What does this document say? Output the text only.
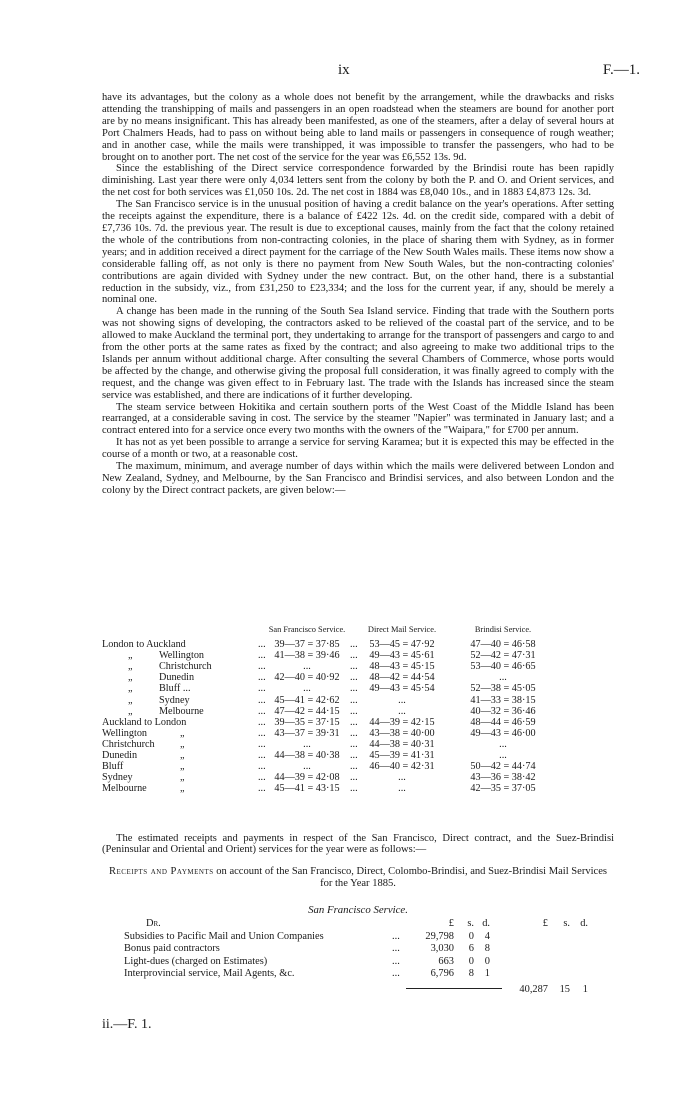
ix	F.—1.

have its advantages, but the colony as a whole does not benefit by the arrangement, while the drawbacks and risks attending the transhipping of mails and passengers in an open roadstead when the steamers are bound for another port are by no means insignificant. This has already been manifested, as one of the steamers, after a delay of several hours at Port Chalmers Heads, had to pass on without being able to land mails or passengers in consequence of rough weather; and in another case, while the mails were transhipped, it was impossible to transfer the passengers, who had to be brought on to another port. The net cost of the service for the year was £6,552 13s. 9d.

Since the establishing of the Direct service correspondence forwarded by the Brindisi route has been rapidly diminishing. Last year there were only 4,034 letters sent from the colony by both the P. and O. and Orient services, and the net cost for both services was £1,050 10s. 2d. The net cost in 1884 was £8,040 10s., and in 1883 £4,873 12s. 3d.

The San Francisco service is in the unusual position of having a credit balance on the year's operations. After setting the receipts against the expenditure, there is a balance of £422 12s. 4d. on the credit side, compared with a debit of £7,736 10s. 7d. the previous year. The result is due to exceptional causes, mainly from the fact that the colony retained the whole of the contributions from non-contracting colonies, in the place of sharing them with Sydney, as in former years; and in addition received a direct payment for the carriage of the New South Wales mails. These items now show a considerable falling off, as not only is there no payment from New South Wales, but the non-contracting colonies' contributions are again divided with Sydney under the new contract. But, on the other hand, there is a substantial reduction in the subsidy, viz., from £31,250 to £23,334; and the loss for the current year, if any, should be merely a nominal one.

A change has been made in the running of the South Sea Island service. Finding that trade with the Southern ports was not showing signs of developing, the contractors asked to be relieved of the coastal part of the service, and to be allowed to make Auckland the terminal port, they undertaking to arrange for the transport of passengers and cargo to and from the other ports at the same rates as fixed by the contract; and also agreeing to make two additional trips to the Islands per annum without additional charge. After consulting the several Chambers of Commerce, whose ports would be affected by the change, and otherwise giving the proposal full consideration, it was finally agreed to comply with the request, and the change was given effect to in February last. The trade with the Islands has increased since the steam service was established, and there are indications of it further developing.

The steam service between Hokitika and certain southern ports of the West Coast of the Middle Island has been rearranged, at a considerable saving in cost. The service by the steamer "Napier" was terminated in January last; and a contract entered into for a service once every two months with the owners of the "Waipara," for £700 per annum.

It has not as yet been possible to arrange a service for serving Karamea; but it is expected this may be effected in the course of a month or two, at a reasonable cost.

The maximum, minimum, and average number of days within which the mails were delivered between London and New Zealand, Sydney, and Melbourne, by the San Francisco and Brindisi services, and also between London and the colony by the Direct contract packets, are given below:—

San Francisco Service.	Direct Mail Service.	Brindisi Service.
London to Auckland	... 39—37 = 37·85	...	53—45 = 47·92	47—40 = 46·58
„	Wellington	... 41—38 = 39·46	...	49—43 = 45·61	52—42 = 47·31
„	Christchurch	...	...	...	48—43 = 45·15	53—40 = 46·65
„	Dunedin	... 42—40 = 40·92	...	48—42 = 44·54	...
„	Bluff ...	...	...	...	49—43 = 45·54	52—38 = 45·05
„	Sydney	... 45—41 = 42·62	...	...	41—33 = 38·15
„	Melbourne	... 47—42 = 44·15	...	...	40—32 = 36·46
Auckland to London	... 39—35 = 37·15	...	44—39 = 42·15	48—44 = 46·59
Wellington	„	... 43—37 = 39·31	...	43—38 = 40·00	49—43 = 46·00
Christchurch „	...	...	...	44—38 = 40·31	...
Dunedin	„	... 44—38 = 40·38	...	45—39 = 41·31	...
Bluff	„	...	...	...	46—40 = 42·31	50—42 = 44·74
Sydney	„	... 44—39 = 42·08	...	...	43—36 = 38·42
Melbourne	„	... 45—41 = 43·15	...	...	42—35 = 37·05

The estimated receipts and payments in respect of the San Francisco, Direct contract, and the Suez-Brindisi (Peninsular and Oriental and Orient) services for the year were as follows:—

Receipts and Payments on account of the San Francisco, Direct, Colombo-Brindisi, and Suez-Brindisi Mail Services for the Year 1885.
San Francisco Service.
Dr.	£	s. d.	£	s. d.
Subsidies to Pacific Mail and Union Companies	29,798	0	4
...
Bonus paid contractors	3,030	6	8
...
Light-dues (charged on Estimates)	663	0	0
...
Interprovincial service, Mail Agents, &c.	6,796	8	1
...
40,287	15	1
ii.—F. 1.
